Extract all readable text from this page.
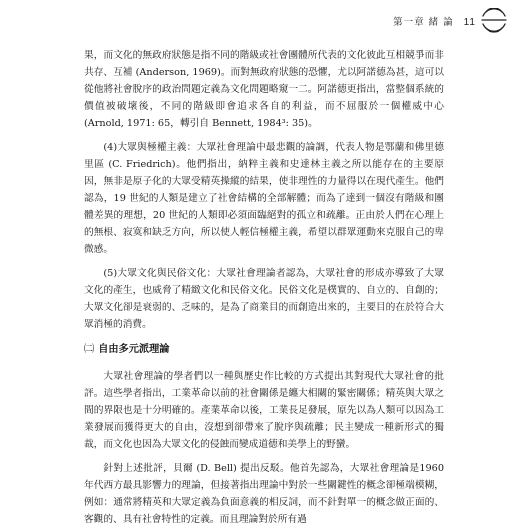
第一章 緒 論 11

果，而文化的無政府狀態是指不同的階級或社會團體所代表的文化彼此互相競爭而非共存、互補 (Anderson, 1969)。而對無政府狀態的恐懼，尤以阿諾德為甚，這可以從他將社會脫序的政治問題定義為文化問題略窺一二。阿諾德更指出，當整個系統的價值被破壞後，不同的階級即會追求各自的利益，而不屈服於一個權威中心 (Arnold, 1971: 65，轉引自 Bennett, 1984³: 35)。

(4)大眾與極權主義：大眾社會理論中最悲觀的論調，代表人物是鄂蘭和佛里德里區 (C. Friedrich)。他們指出，納粹主義和史達林主義之所以能存在的主要原因，無非是原子化的大眾受精英操縱的結果，使非理性的力量得以在現代產生。他們認為，19 世紀的人類是建立了社會結構的全部解體；而為了達到一個沒有階級和團體差異的理想，20 世紀的人類即必須面臨絕對的孤立和疏離。正由於人們在心理上的無根、寂寞和缺乏方向，所以使人輕信極權主義，希望以群眾運動來克服自己的卑微感。

(5)大眾文化與民俗文化：大眾社會理論者認為，大眾社會的形成亦導致了大眾文化的產生，也威脅了精緻文化和民俗文化。民俗文化是樸實的、自立的、自創的；大眾文化卻是衰弱的、乏味的，是為了商業目的而創造出來的，主要目的在於符合大眾消極的消費。

㈡ 自由多元派理論

大眾社會理論的學者們以一種與歷史作比較的方式提出其對現代大眾社會的批評。這些學者指出，工業革命以前的社會關係是纏大相關的緊密關係；精英與大眾之間的界限也是十分明確的。產業革命以後，工業長足發展，原先以為人類可以因為工業發展而獲得更大的自由，沒想到卻帶來了脫序與疏離；民主變成一種新形式的獨裁，而文化也因為大眾文化的侵蝕而變成道德和美學上的野蠻。

針對上述批評，貝爾 (D. Bell) 提出反駁。他首先認為，大眾社會理論是1960 年代西方最具影響力的理論，但接著指出理論中對於一些關鍵性的概念卻極端模糊，例如：通常將精英和大眾定義為負面意義的相反詞，而不針對單一的概念做正面的、客觀的、具有社會特性的定義。而且理論對於所有過
